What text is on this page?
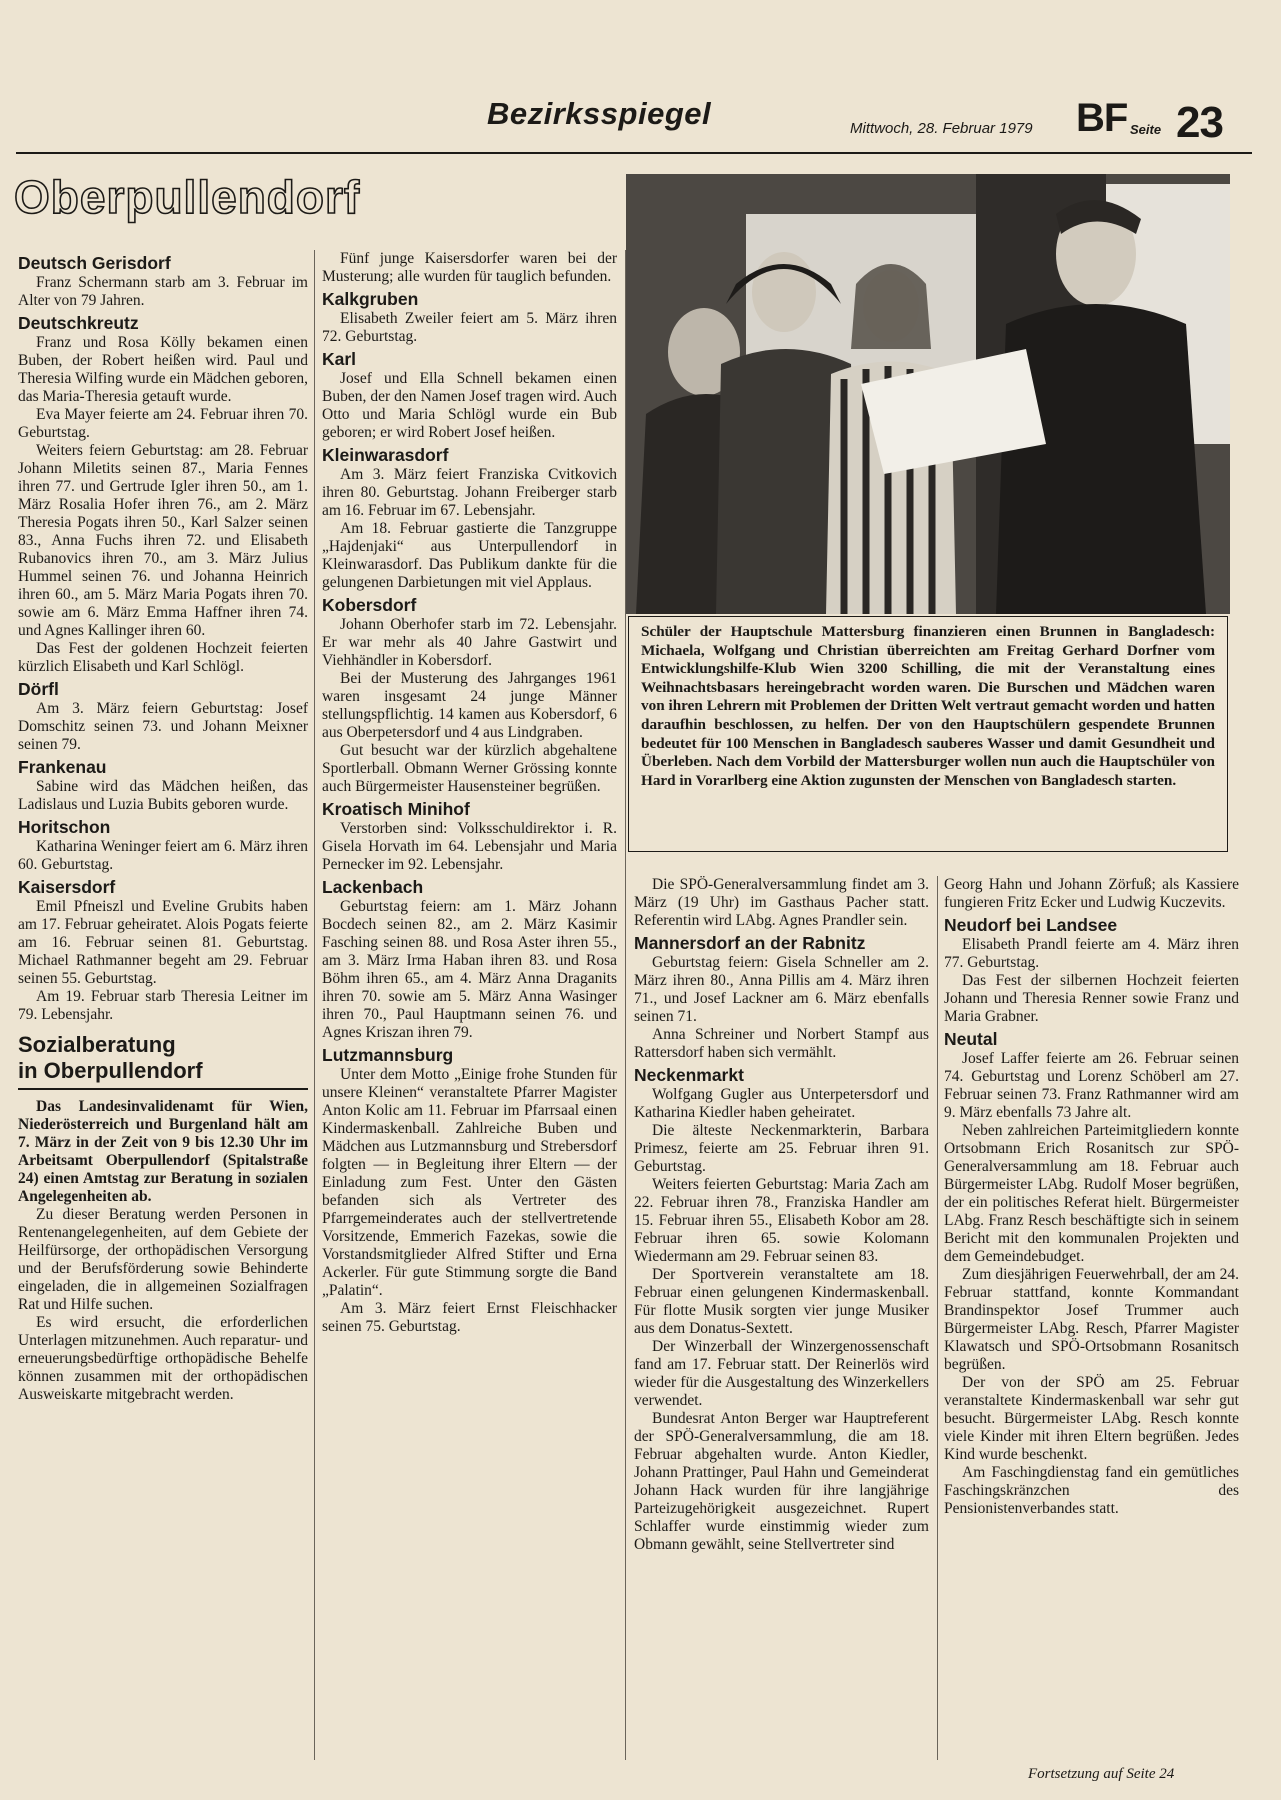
Bezirksspiegel	Mittwoch, 28. Februar 1979 BF Seite 23
Oberpullendorf
Deutsch Gerisdorf

Franz Schermann starb am 3. Februar im Alter von 79 Jahren.

Deutschkreutz

Franz und Rosa Kölly bekamen einen Buben, der Robert heißen wird. Paul und Theresia Wilfing wurde ein Mädchen geboren, das Maria-Theresia getauft wurde.

Eva Mayer feierte am 24. Februar ihren 70. Geburtstag.

Weiters feiern Geburtstag: am 28. Februar Johann Miletits seinen 87., Maria Fennes ihren 77. und Gertrude Igler ihren 50., am 1. März Rosalia Hofer ihren 76., am 2. März Theresia Pogats ihren 50., Karl Salzer seinen 83., Anna Fuchs ihren 72. und Elisabeth Rubanovics ihren 70., am 3. März Julius Hummel seinen 76. und Johanna Heinrich ihren 60., am 5. März Maria Pogats ihren 70. sowie am 6. März Emma Haffner ihren 74. und Agnes Kallinger ihren 60.

Das Fest der goldenen Hochzeit feierten kürzlich Elisabeth und Karl Schlögl.

Dörfl

Am 3. März feiern Geburtstag: Josef Domschitz seinen 73. und Johann Meixner seinen 79.

Frankenau

Sabine wird das Mädchen heißen, das Ladislaus und Luzia Bubits geboren wurde.

Horitschon

Katharina Weninger feiert am 6. März ihren 60. Geburtstag.

Kaisersdorf

Emil Pfneiszl und Eveline Grubits haben am 17. Februar geheiratet. Alois Pogats feierte am 16. Februar seinen 81. Geburtstag. Michael Rathmanner begeht am 29. Februar seinen 55. Geburtstag.

Am 19. Februar starb Theresia Leitner im 79. Lebensjahr.

Sozialberatung
in Oberpullendorf

Das Landesinvalidenamt für Wien, Niederösterreich und Burgenland hält am 7. März in der Zeit von 9 bis 12.30 Uhr im Arbeitsamt Oberpullendorf (Spitalstraße 24) einen Amtstag zur Beratung in sozialen Angelegenheiten ab.

Zu dieser Beratung werden Personen in Rentenangelegenheiten, auf dem Gebiete der Heilfürsorge, der orthopädischen Versorgung und der Berufsförderung sowie Behinderte eingeladen, die in allgemeinen Sozialfragen Rat und Hilfe suchen.

Es wird ersucht, die erforderlichen Unterlagen mitzunehmen. Auch reparatur- und erneuerungsbedürftige orthopädische Behelfe können zusammen mit der orthopädischen Ausweiskarte mitgebracht werden.

Fünf junge Kaisersdorfer waren bei der Musterung; alle wurden für tauglich befunden.

Kalkgruben

Elisabeth Zweiler feiert am 5. März ihren 72. Geburtstag.

Karl

Josef und Ella Schnell bekamen einen Buben, der den Namen Josef tragen wird. Auch Otto und Maria Schlögl wurde ein Bub geboren; er wird Robert Josef heißen.

Kleinwarasdorf

Am 3. März feiert Franziska Cvitkovich ihren 80. Geburtstag. Johann Freiberger starb am 16. Februar im 67. Lebensjahr.

Am 18. Februar gastierte die Tanzgruppe „Hajdenjaki“ aus Unterpullendorf in Kleinwarasdorf. Das Publikum dankte für die gelungenen Darbietungen mit viel Applaus.

Kobersdorf

Johann Oberhofer starb im 72. Lebensjahr. Er war mehr als 40 Jahre Gastwirt und Viehhändler in Kobersdorf.

Bei der Musterung des Jahrganges 1961 waren insgesamt 24 junge Männer stellungspflichtig. 14 kamen aus Kobersdorf, 6 aus Oberpetersdorf und 4 aus Lindgraben.

Gut besucht war der kürzlich abgehaltene Sportlerball. Obmann Werner Grössing konnte auch Bürgermeister Hausensteiner begrüßen.

Kroatisch Minihof

Verstorben sind: Volksschuldirektor i. R. Gisela Horvath im 64. Lebensjahr und Maria Pernecker im 92. Lebensjahr.

Lackenbach

Geburtstag feiern: am 1. März Johann Bocdech seinen 82., am 2. März Kasimir Fasching seinen 88. und Rosa Aster ihren 55., am 3. März Irma Haban ihren 83. und Rosa Böhm ihren 65., am 4. März Anna Draganits ihren 70. sowie am 5. März Anna Wasinger ihren 70., Paul Hauptmann seinen 76. und Agnes Kriszan ihren 79.

Lutzmannsburg

Unter dem Motto „Einige frohe Stunden für unsere Kleinen“ veranstaltete Pfarrer Magister Anton Kolic am 11. Februar im Pfarrsaal einen Kindermaskenball. Zahlreiche Buben und Mädchen aus Lutzmannsburg und Strebersdorf folgten — in Begleitung ihrer Eltern — der Einladung zum Fest. Unter den Gästen befanden sich als Vertreter des Pfarrgemeinderates auch der stellvertretende Vorsitzende, Emmerich Fazekas, sowie die Vorstandsmitglieder Alfred Stifter und Erna Ackerler. Für gute Stimmung sorgte die Band „Palatin“.

Am 3. März feiert Ernst Fleischhacker seinen 75. Geburtstag.

Schüler der Hauptschule Mattersburg finanzieren einen Brunnen in Bangladesch: Michaela, Wolfgang und Christian überreichten am Freitag Gerhard Dorfner vom Entwicklungshilfe-Klub Wien 3200 Schilling, die mit der Veranstaltung eines Weihnachtsbasars hereingebracht worden waren. Die Burschen und Mädchen waren von ihren Lehrern mit Problemen der Dritten Welt vertraut gemacht worden und hatten daraufhin beschlossen, zu helfen. Der von den Hauptschülern gespendete Brunnen bedeutet für 100 Menschen in Bangladesch sauberes Wasser und damit Gesundheit und Überleben. Nach dem Vorbild der Mattersburger wollen nun auch die Hauptschüler von Hard in Vorarlberg eine Aktion zugunsten der Menschen von Bangladesch starten.

Die SPÖ-Generalversammlung findet am 3. März (19 Uhr) im Gasthaus Pacher statt. Referentin wird LAbg. Agnes Prandler sein.

Mannersdorf an der Rabnitz

Geburtstag feiern: Gisela Schneller am 2. März ihren 80., Anna Pillis am 4. März ihren 71., und Josef Lackner am 6. März ebenfalls seinen 71.

Anna Schreiner und Norbert Stampf aus Rattersdorf haben sich vermählt.

Neckenmarkt

Wolfgang Gugler aus Unterpetersdorf und Katharina Kiedler haben geheiratet.

Die älteste Neckenmarkterin, Barbara Primesz, feierte am 25. Februar ihren 91. Geburtstag.

Weiters feierten Geburtstag: Maria Zach am 22. Februar ihren 78., Franziska Handler am 15. Februar ihren 55., Elisabeth Kobor am 28. Februar ihren 65. sowie Kolomann Wiedermann am 29. Februar seinen 83.

Der Sportverein veranstaltete am 18. Februar einen gelungenen Kindermaskenball. Für flotte Musik sorgten vier junge Musiker aus dem Donatus-Sextett.

Der Winzerball der Winzergenossenschaft fand am 17. Februar statt. Der Reinerlös wird wieder für die Ausgestaltung des Winzerkellers verwendet.

Bundesrat Anton Berger war Hauptreferent der SPÖ-Generalversammlung, die am 18. Februar abgehalten wurde. Anton Kiedler, Johann Prattinger, Paul Hahn und Gemeinderat Johann Hack wurden für ihre langjährige Parteizugehörigkeit ausgezeichnet. Rupert Schlaffer wurde einstimmig wieder zum Obmann gewählt, seine Stellvertreter sind

Georg Hahn und Johann Zörfuß; als Kassiere fungieren Fritz Ecker und Ludwig Kuczevits.

Neudorf bei Landsee

Elisabeth Prandl feierte am 4. März ihren 77. Geburtstag.

Das Fest der silbernen Hochzeit feierten Johann und Theresia Renner sowie Franz und Maria Grabner.

Neutal

Josef Laffer feierte am 26. Februar seinen 74. Geburtstag und Lorenz Schöberl am 27. Februar seinen 73. Franz Rathmanner wird am 9. März ebenfalls 73 Jahre alt.

Neben zahlreichen Parteimitgliedern konnte Ortsobmann Erich Rosanitsch zur SPÖ-Generalversammlung am 18. Februar auch Bürgermeister LAbg. Rudolf Moser begrüßen, der ein politisches Referat hielt. Bürgermeister LAbg. Franz Resch beschäftigte sich in seinem Bericht mit den kommunalen Projekten und dem Gemeindebudget.

Zum diesjährigen Feuerwehrball, der am 24. Februar stattfand, konnte Kommandant Brandinspektor Josef Trummer auch Bürgermeister LAbg. Resch, Pfarrer Magister Klawatsch und SPÖ-Ortsobmann Rosanitsch begrüßen.

Der von der SPÖ am 25. Februar veranstaltete Kindermaskenball war sehr gut besucht. Bürgermeister LAbg. Resch konnte viele Kinder mit ihren Eltern begrüßen. Jedes Kind wurde beschenkt.

Am Faschingdienstag fand ein gemütliches Faschingskränzchen des Pensionistenverbandes statt.

Fortsetzung auf Seite 24
